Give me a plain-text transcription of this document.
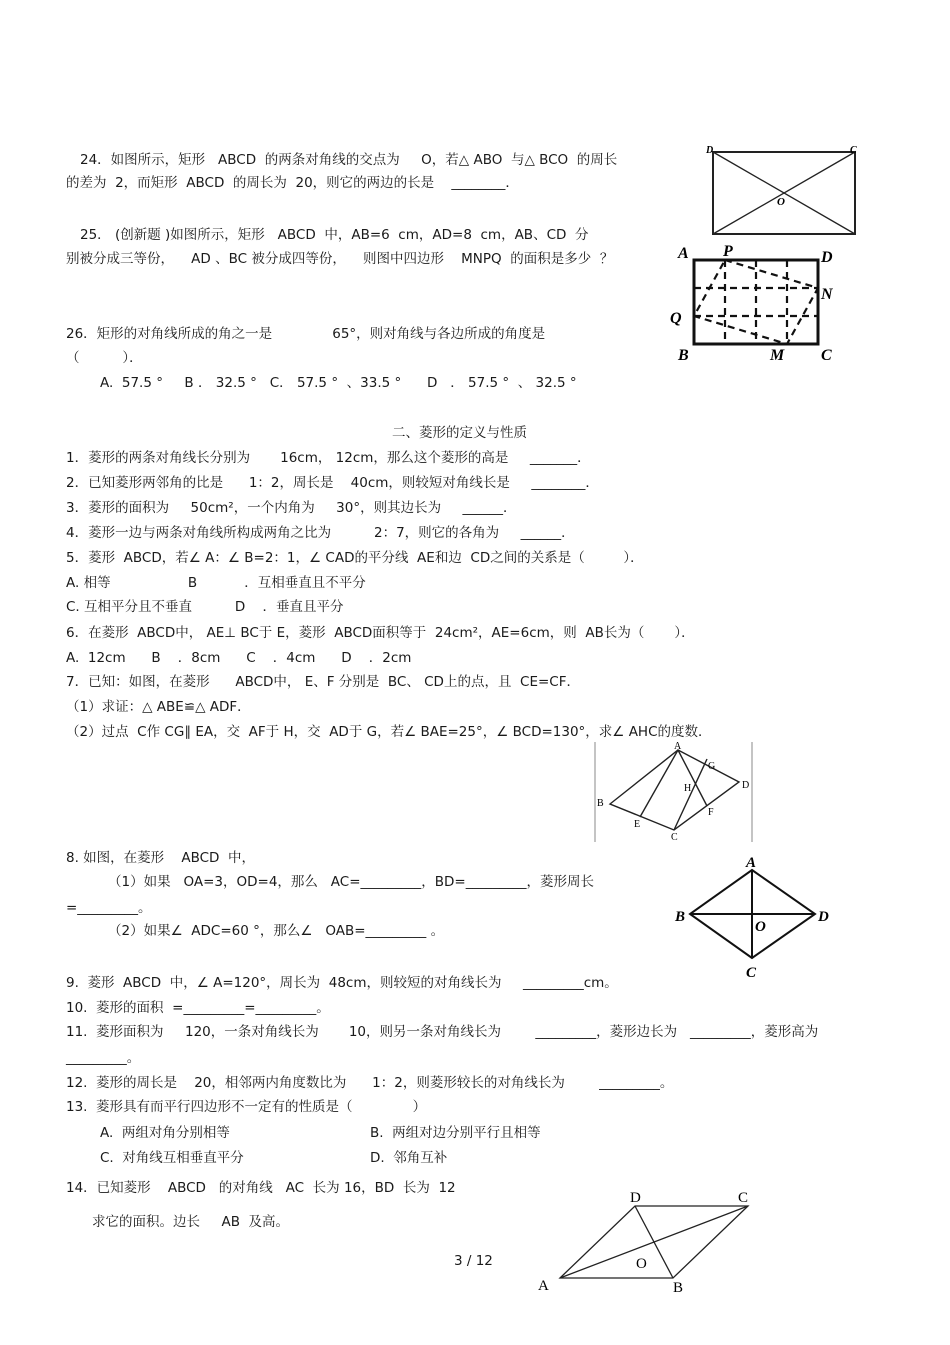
24．如图所示，矩形   ABCD  的两条对角线的交点为     O，若△ ABO  与△ BCO  的周长
的差为  2，而矩形  ABCD  的周长为  20，则它的两边的长是    ________．
25． (创新题 )如图所示，矩形   ABCD  中，AB=6  cm，AD=8  cm，AB、CD  分
别被分成三等份，    AD 、BC 被分成四等份，    则图中四边形    MNPQ  的面积是多少  ？
26．矩形的对角线所成的角之一是              65°，则对角线与各边所成的角度是
（          ）．
A.  57.5 °     B ． 32.5 °   C． 57.5 °  、33.5 °      D   ． 57.5 °  、 32.5 °
二、菱形的定义与性质
1．菱形的两条对角线长分别为       16cm， 12cm，那么这个菱形的高是     _______．
2．已知菱形两邻角的比是      1：2，周长是    40cm，则较短对角线长是     ________．
3．菱形的面积为     50cm²，一个内角为     30°，则其边长为     ______．
4．菱形一边与两条对角线所构成两角之比为          2：7，则它的各角为     ______．
5．菱形  ABCD，若∠ A：∠ B=2：1，∠ CAD的平分线  AE和边  CD之间的关系是（         ）．
A. 相等                  B           ．互相垂直且不平分
C. 互相平分且不垂直          D    ．垂直且平分
6．在菱形  ABCD中， AE⊥ BC于 E，菱形  ABCD面积等于  24cm²，AE=6cm，则  AB长为（       ）．
A.  12cm      B    ．8cm      C    ．4cm      D    ．2cm
7．已知：如图，在菱形      ABCD中， E、F 分别是  BC、 CD上的点，且  CE=CF．
（1）求证：△ ABE≌△ ADF．
（2）过点  C作 CG∥ EA，交  AF于 H，交  AD于 G，若∠ BAE=25°，∠ BCD=130°，求∠ AHC的度数．
8. 如图，在菱形    ABCD  中，
（1）如果   OA=3，OD=4，那么   AC=_________，BD=_________，菱形周长
=_________。
（2）如果∠  ADC=60 °，那么∠   OAB=_________ 。
9.  菱形  ABCD  中，∠ A=120°，周长为  48cm，则较短的对角线长为     _________cm。
10.  菱形的面积  =_________=_________。
11.  菱形面积为     120，一条对角线长为       10，则另一条对角线长为        _________，菱形边长为   _________，菱形高为
_________。
12.  菱形的周长是    20，相邻两内角度数比为      1：2，则菱形较长的对角线长为        _________。
13.  菱形具有而平行四边形不一定有的性质是（              ）
A.  两组对角分别相等	B.  两组对边分别平行且相等
C.  对角线互相垂直平分	D.  邻角互补
14．已知菱形    ABCD   的对角线   AC  长为 16，BD  长为  12
求它的面积。边长     AB  及高。
3 / 12
D	C
O
A P	D
N
Q
B	M C
A
G
D
H
B
F
E
C
A
B
O
D
C
D	C
O
A	B
